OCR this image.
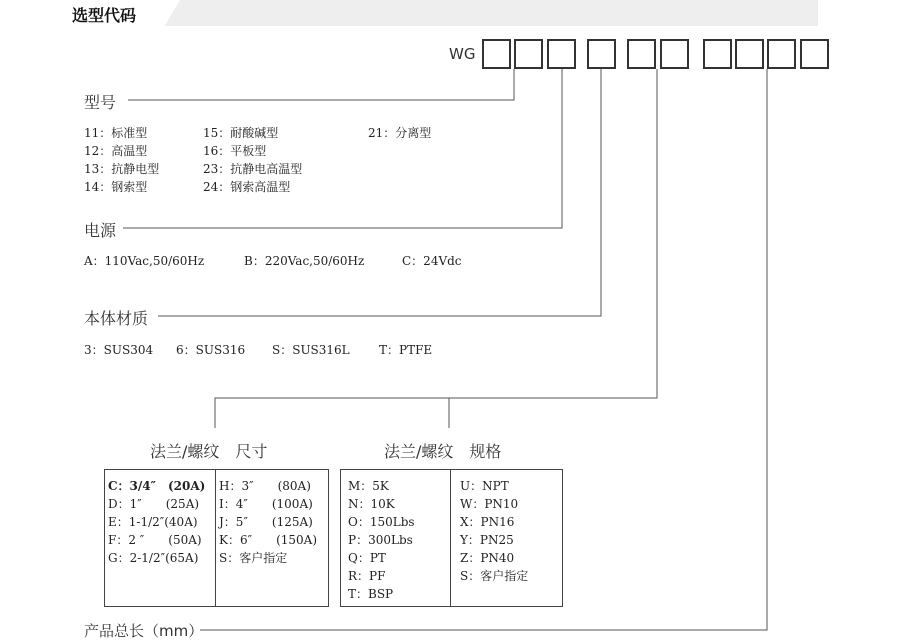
选型代码
WG
型号
11：标准型
12：高温型
13：抗静电型
14：钢索型
15：耐酸碱型
16：平板型
23：抗静电高温型
24：钢索高温型
21：分离型
电源
A：110Vac,50/60Hz	B：220Vac,50/60Hz	C：24Vdc
本体材质
3：SUS304 6：SUS316 S：SUS316L T：PTFE
法兰/螺纹　尺寸
C：3/4″　(20A)
D：1″　　(25A)
E：1-1/2″(40A)
F：2 ″　　(50A)
G：2-1/2″(65A)
H：3″　　(80A)
I：4″　　(100A)
J：5″　　(125A)
K：6″　　(150A)
S：客户指定
法兰/螺纹　规格
M：5K
N：10K
O：150Lbs
P：300Lbs
Q：PT
R：PF
T：BSP
U：NPT
W：PN10
X：PN16
Y：PN25
Z：PN40
S：客户指定
产品总长（mm）
